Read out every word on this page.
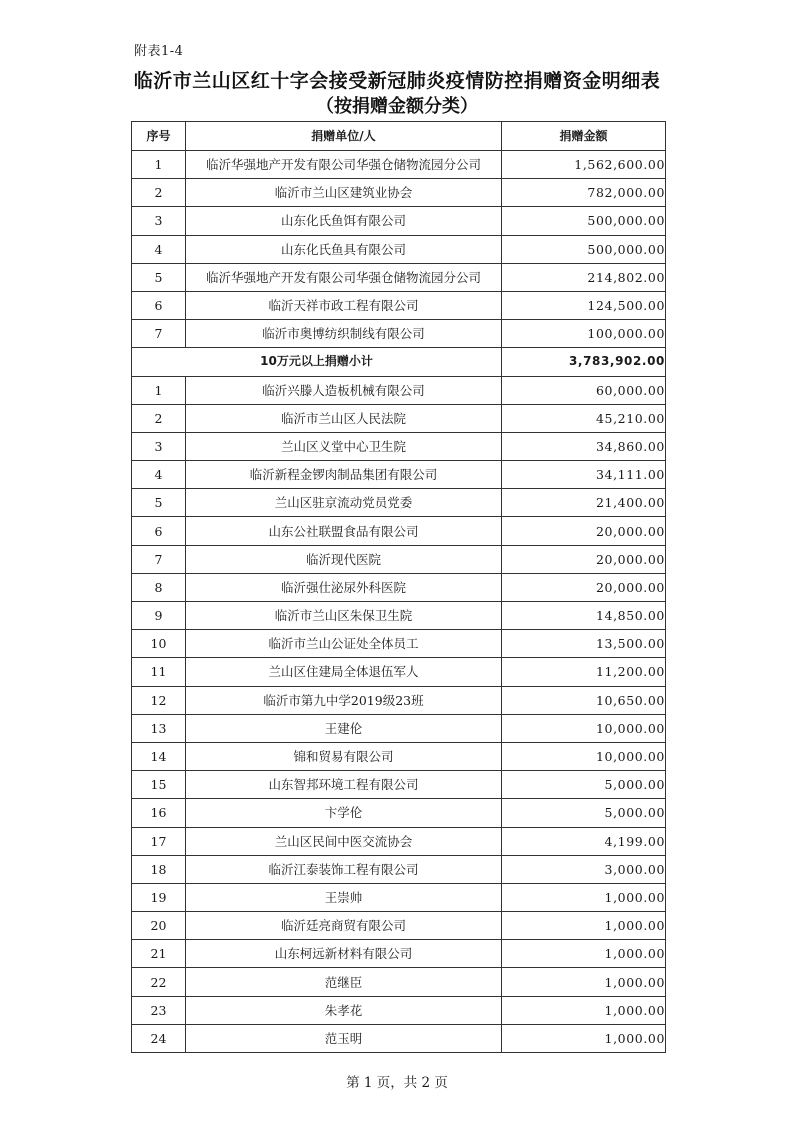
附表1-4
临沂市兰山区红十字会接受新冠肺炎疫情防控捐赠资金明细表
（按捐赠金额分类）
序号	捐赠单位/人	捐赠金额
1	临沂华强地产开发有限公司华强仓储物流园分公司	1,562,600.00
2	临沂市兰山区建筑业协会	782,000.00
3	山东化氏鱼饵有限公司	500,000.00
4	山东化氏鱼具有限公司	500,000.00
5	临沂华强地产开发有限公司华强仓储物流园分公司	214,802.00
6	临沂天祥市政工程有限公司	124,500.00
7	临沂市奥博纺织制线有限公司	100,000.00
10万元以上捐赠小计		3,783,902.00
1	临沂兴滕人造板机械有限公司	60,000.00
2	临沂市兰山区人民法院	45,210.00
3	兰山区义堂中心卫生院	34,860.00
4	临沂新程金锣肉制品集团有限公司	34,111.00
5	兰山区驻京流动党员党委	21,400.00
6	山东公社联盟食品有限公司	20,000.00
7	临沂现代医院	20,000.00
8	临沂强仕泌尿外科医院	20,000.00
9	临沂市兰山区朱保卫生院	14,850.00
10	临沂市兰山公证处全体员工	13,500.00
11	兰山区住建局全体退伍军人	11,200.00
12	临沂市第九中学2019级23班	10,650.00
13	王建伦	10,000.00
14	锦和贸易有限公司	10,000.00
15	山东智邦环境工程有限公司	5,000.00
16	卞学伦	5,000.00
17	兰山区民间中医交流协会	4,199.00
18	临沂江泰装饰工程有限公司	3,000.00
19	王崇帅	1,000.00
20	临沂廷亮商贸有限公司	1,000.00
21	山东柯远新材料有限公司	1,000.00
22	范继臣	1,000.00
23	朱孝花	1,000.00
24	范玉明	1,000.00
第 1 页，共 2 页
